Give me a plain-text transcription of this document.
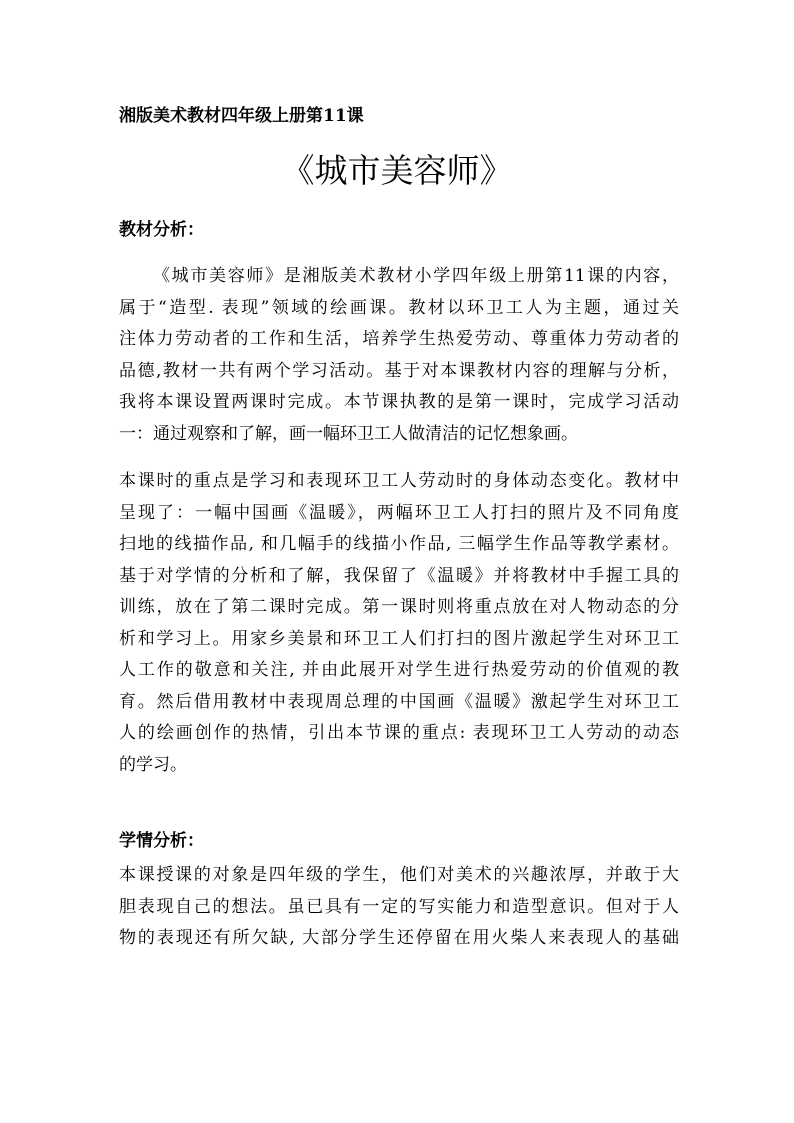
湘版美术教材四年级上册第11课
《城市美容师》
教材分析：
《城市美容师》是湘版美术教材小学四年级上册第11课的内容，
属于“造型. 表现”领域的绘画课。教材以环卫工人为主题，通过关
注体力劳动者的工作和生活，培养学生热爱劳动、尊重体力劳动者的
品德,教材一共有两个学习活动。基于对本课教材内容的理解与分析，
我将本课设置两课时完成。本节课执教的是第一课时，完成学习活动
一：通过观察和了解，画一幅环卫工人做清洁的记忆想象画。
本课时的重点是学习和表现环卫工人劳动时的身体动态变化。教材中
呈现了：一幅中国画《温暖》，两幅环卫工人打扫的照片及不同角度
扫地的线描作品, 和几幅手的线描小作品, 三幅学生作品等教学素材。
基于对学情的分析和了解，我保留了《温暖》并将教材中手握工具的
训练，放在了第二课时完成。第一课时则将重点放在对人物动态的分
析和学习上。用家乡美景和环卫工人们打扫的图片激起学生对环卫工
人工作的敬意和关注, 并由此展开对学生进行热爱劳动的价值观的教
育。然后借用教材中表现周总理的中国画《温暖》激起学生对环卫工
人的绘画创作的热情，引出本节课的重点: 表现环卫工人劳动的动态
的学习。
学情分析：
本课授课的对象是四年级的学生，他们对美术的兴趣浓厚，并敢于大
胆表现自己的想法。虽已具有一定的写实能力和造型意识。但对于人
物的表现还有所欠缺, 大部分学生还停留在用火柴人来表现人的基础
